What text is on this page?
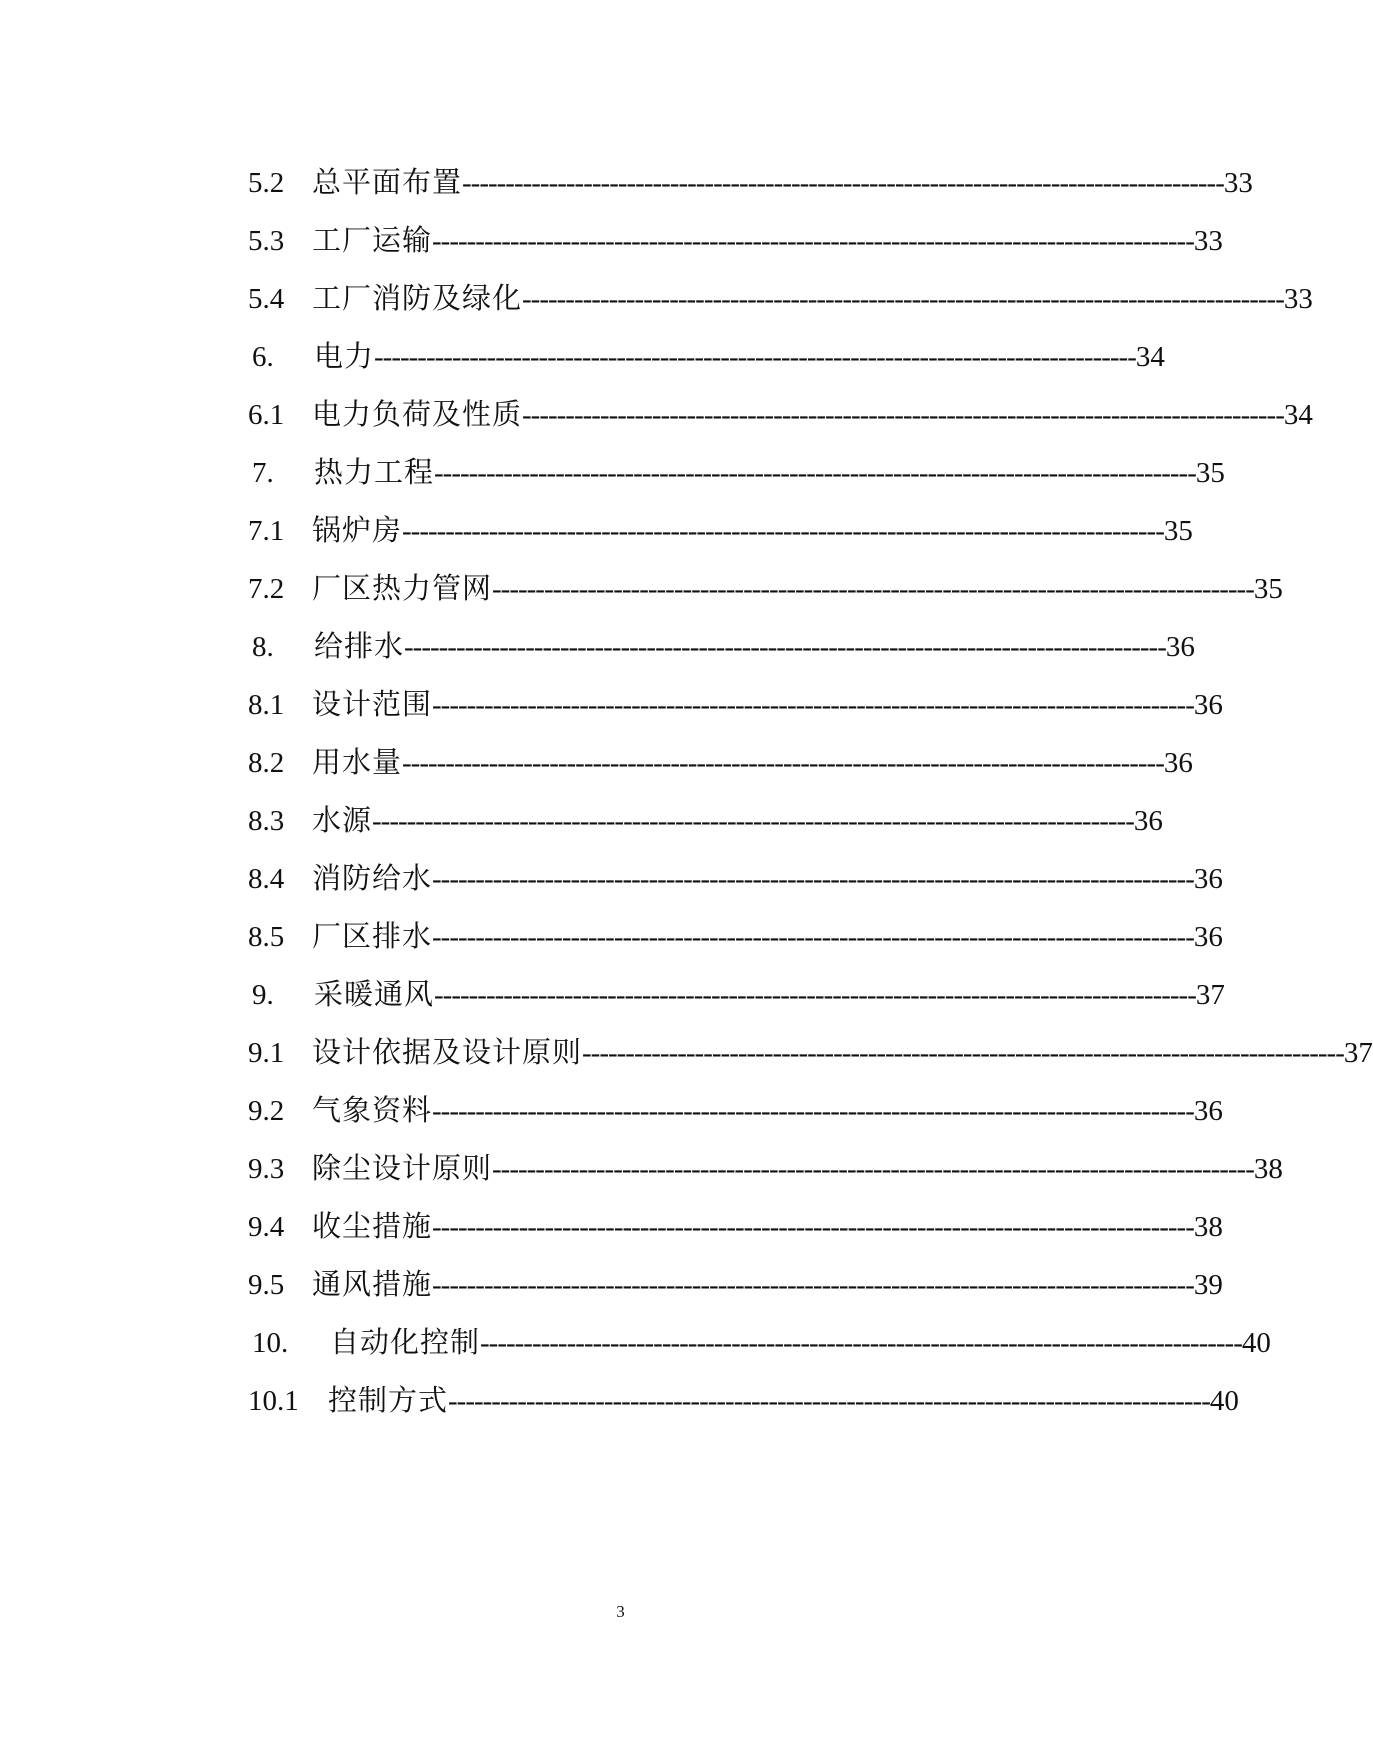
5.2 总平面布置 ---------------------------------------------------------------------------------------- 33
5.3 工厂运输 ---------------------------------------------------------------------------------------- 33
5.4 工厂消防及绿化 ---------------------------------------------------------------------------------------- 33
6.	电力 ---------------------------------------------------------------------------------------- 34
6.1 电力负荷及性质 ---------------------------------------------------------------------------------------- 34
7.	热力工程 ---------------------------------------------------------------------------------------- 35
7.1 锅炉房 ---------------------------------------------------------------------------------------- 35
7.2 厂区热力管网 ---------------------------------------------------------------------------------------- 35
8.	给排水 ---------------------------------------------------------------------------------------- 36
8.1 设计范围 ---------------------------------------------------------------------------------------- 36
8.2 用水量 ---------------------------------------------------------------------------------------- 36
8.3 水源 ---------------------------------------------------------------------------------------- 36
8.4 消防给水 ---------------------------------------------------------------------------------------- 36
8.5 厂区排水 ---------------------------------------------------------------------------------------- 36
9.	采暖通风 ---------------------------------------------------------------------------------------- 37
9.1 设计依据及设计原则 ---------------------------------------------------------------------------------------- 37
9.2 气象资料 ---------------------------------------------------------------------------------------- 36
9.3 除尘设计原则 ---------------------------------------------------------------------------------------- 38
9.4 收尘措施 ---------------------------------------------------------------------------------------- 38
9.5 通风措施 ---------------------------------------------------------------------------------------- 39
10.	自动化控制 ---------------------------------------------------------------------------------------- 40
10.1	控制方式 ---------------------------------------------------------------------------------------- 40
3
